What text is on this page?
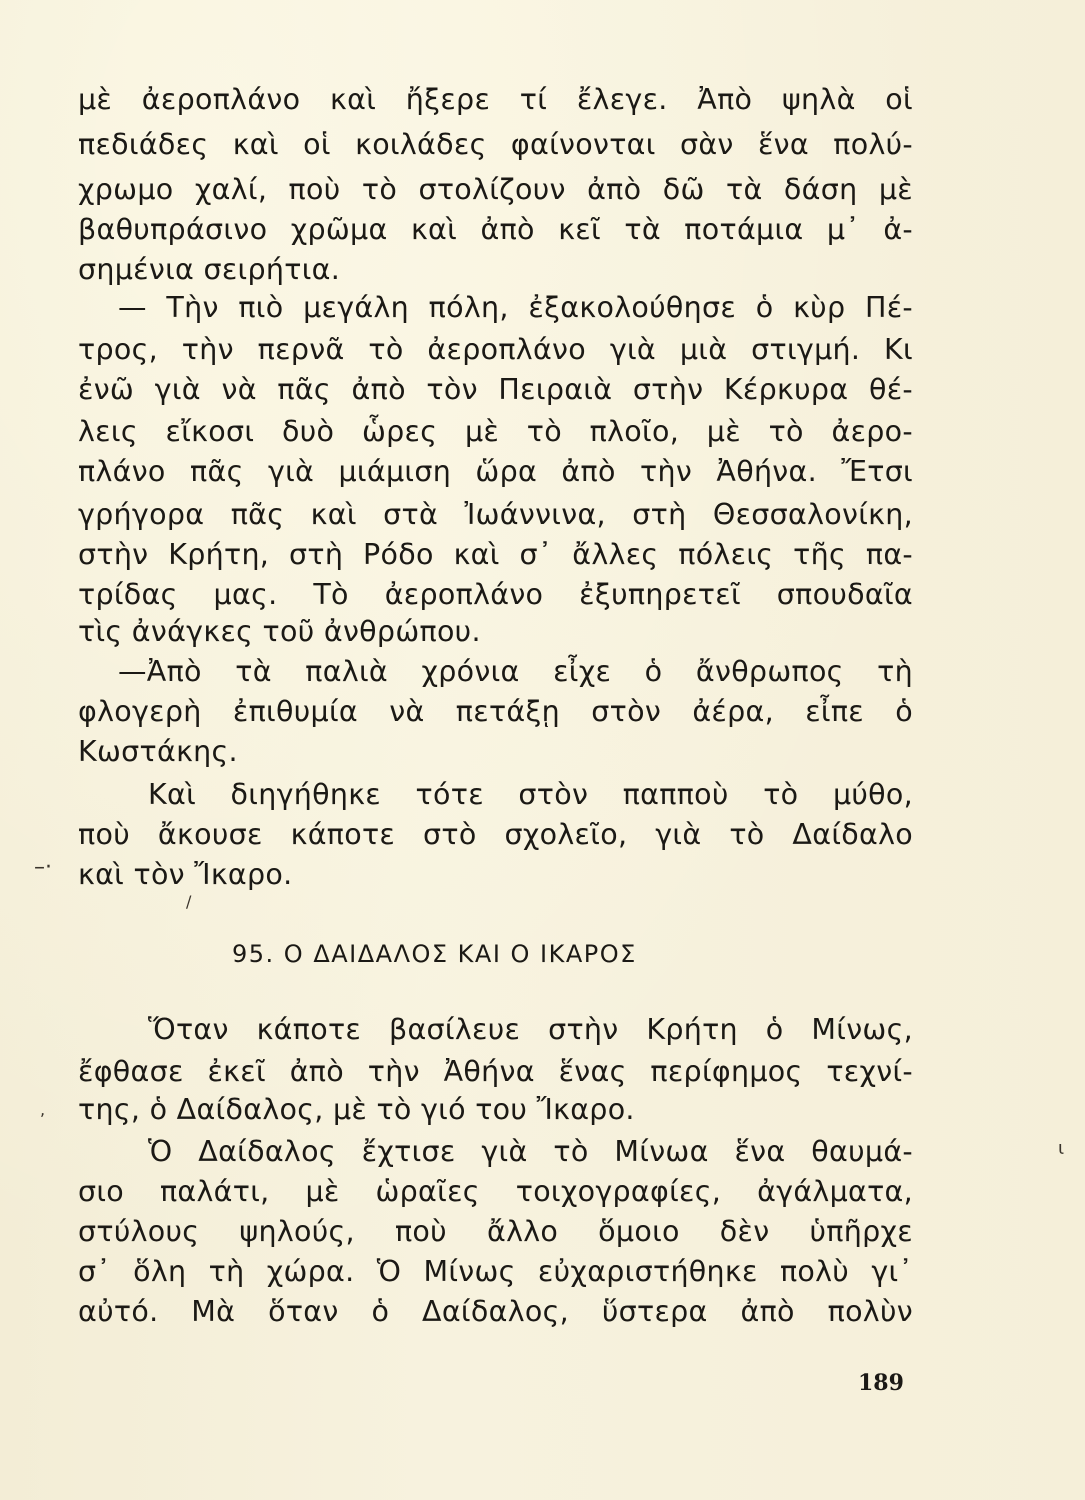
μὲ ἀεροπλάνο καὶ ἤξερε τί ἔλεγε. Ἀπὸ ψηλὰ οἱ
πεδιάδες καὶ οἱ κοιλάδες φαίνονται σὰν ἕνα πολύ-
χρωμο χαλί, ποὺ τὸ στολίζουν ἀπὸ δῶ τὰ δάση μὲ
βαθυπράσινο χρῶμα καὶ ἀπὸ κεῖ τὰ ποτάμια μ᾽ ἀ-
σημένια σειρήτια.
— Τὴν πιὸ μεγάλη πόλη, ἐξακολούθησε ὁ κὺρ Πέ-
τρος, τὴν περνᾶ τὸ ἀεροπλάνο γιὰ μιὰ στιγμή. Κι
ἐνῶ γιὰ νὰ πᾶς ἀπὸ τὸν Πειραιὰ στὴν Κέρκυρα θέ-
λεις εἴκοσι δυὸ ὧρες μὲ τὸ πλοῖο, μὲ τὸ ἀερο-
πλάνο πᾶς γιὰ μιάμιση ὥρα ἀπὸ τὴν Ἀθήνα. Ἔτσι
γρήγορα πᾶς καὶ στὰ Ἰωάννινα, στὴ Θεσσαλονίκη,
στὴν Κρήτη, στὴ Ρόδο καὶ σ᾽ ἄλλες πόλεις τῆς πα-
τρίδας μας. Τὸ ἀεροπλάνο ἐξυπηρετεῖ σπουδαῖα
τὶς ἀνάγκες τοῦ ἀνθρώπου.
—Ἀπὸ τὰ παλιὰ χρόνια εἶχε ὁ ἄνθρωπος τὴ
φλογερὴ ἐπιθυμία νὰ πετάξῃ στὸν ἀέρα, εἶπε ὁ
Κωστάκης.
Καὶ διηγήθηκε τότε στὸν παπποὺ τὸ μύθο,
ποὺ ἄκουσε κάποτε στὸ σχολεῖο, γιὰ τὸ Δαίδαλο
καὶ τὸν Ἴκαρο.
95. Ο ΔΑΙΔΑΛΟΣ ΚΑΙ Ο ΙΚΑΡΟΣ
Ὅταν κάποτε βασίλευε στὴν Κρήτη ὁ Μίνως,
ἔφθασε ἐκεῖ ἀπὸ τὴν Ἀθήνα ἕνας περίφημος τεχνί-
της, ὁ Δαίδαλος, μὲ τὸ γιό του Ἴκαρο.
Ὁ Δαίδαλος ἔχτισε γιὰ τὸ Μίνωα ἕνα θαυμά-
σιο παλάτι, μὲ ὡραῖες τοιχογραφίες, ἀγάλματα,
στύλους ψηλούς, ποὺ ἄλλο ὅμοιο δὲν ὑπῆρχε
σ᾽ ὅλη τὴ χώρα. Ὁ Μίνως εὐχαριστήθηκε πολὺ γι᾽
αὐτό. Μὰ ὅταν ὁ Δαίδαλος, ὕστερα ἀπὸ πολὺν
189
–·
/
,
ι
